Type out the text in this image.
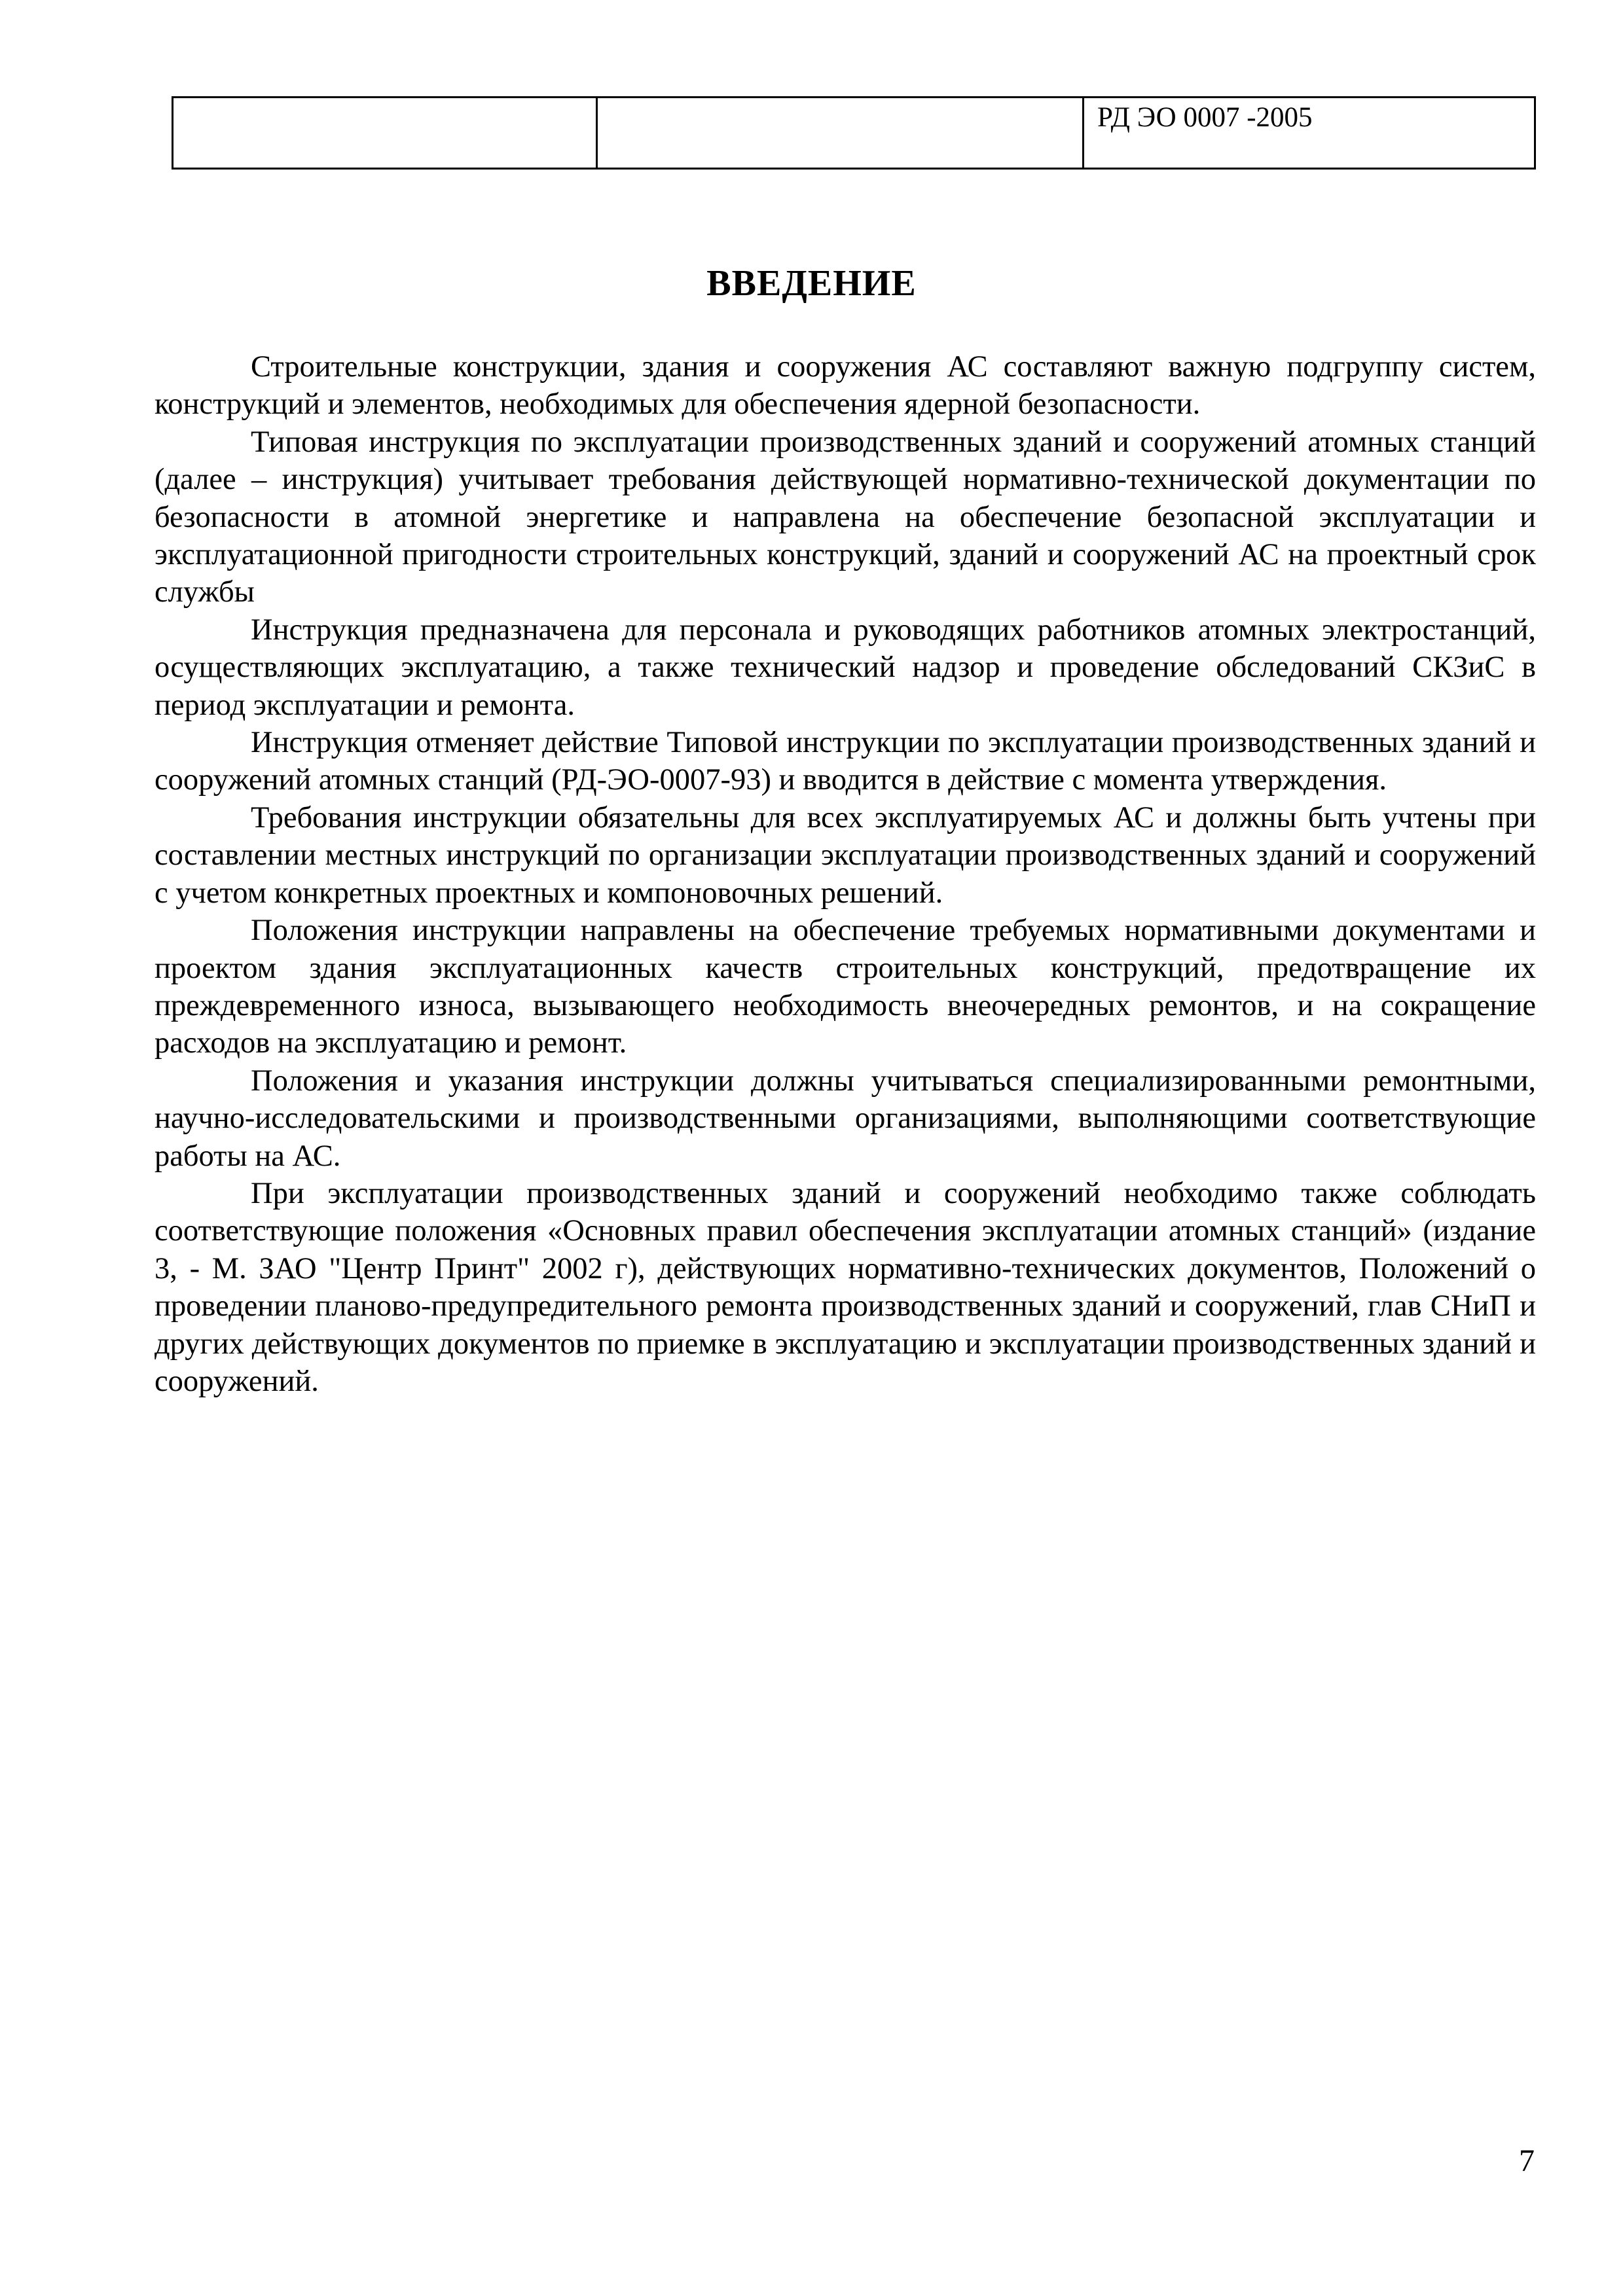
		РД ЭО 0007 -2005
ВВЕДЕНИЕ

Строительные конструкции, здания и сооружения АС составляют важную подгруппу систем, конструкций и элементов, необходимых для обеспечения ядерной безопасности.

Типовая инструкция по эксплуатации производственных зданий и сооружений атомных станций (далее – инструкция) учитывает требования действующей нормативно-технической документации по безопасности в атомной энергетике и направлена на обеспечение безопасной эксплуатации и эксплуатационной пригодности строительных конструкций, зданий и сооружений АС на проектный срок службы

Инструкция предназначена для персонала и руководящих работников атомных электростанций, осуществляющих эксплуатацию, а также технический надзор и проведение обследований СКЗиС в период эксплуатации и ремонта.

Инструкция отменяет действие Типовой инструкции по эксплуатации производственных зданий и сооружений атомных станций (РД-ЭО-0007-93) и вводится в действие с момента утверждения.

Требования инструкции обязательны для всех эксплуатируемых АС и должны быть учтены при составлении местных инструкций по организации эксплуатации производственных зданий и сооружений с учетом конкретных проектных и компоновочных решений.

Положения инструкции направлены на обеспечение требуемых нормативными документами и проектом здания эксплуатационных качеств строительных конструкций, предотвращение их преждевременного износа, вызывающего необходимость внеочередных ремонтов, и на сокращение расходов на эксплуатацию и ремонт.

Положения и указания инструкции должны учитываться специализированными ремонтными, научно-исследовательскими и производственными организациями, выполняющими соответствующие работы на АС.

При эксплуатации производственных зданий и сооружений необходимо также соблюдать соответствующие положения «Основных правил обеспечения эксплуатации атомных станций» (издание 3, - М. ЗАО "Центр Принт" 2002 г), действующих нормативно-технических документов, Положений о проведении планово-предупредительного ремонта производственных зданий и сооружений, глав СНиП и других действующих документов по приемке в эксплуатацию и эксплуатации производственных зданий и сооружений.

7
